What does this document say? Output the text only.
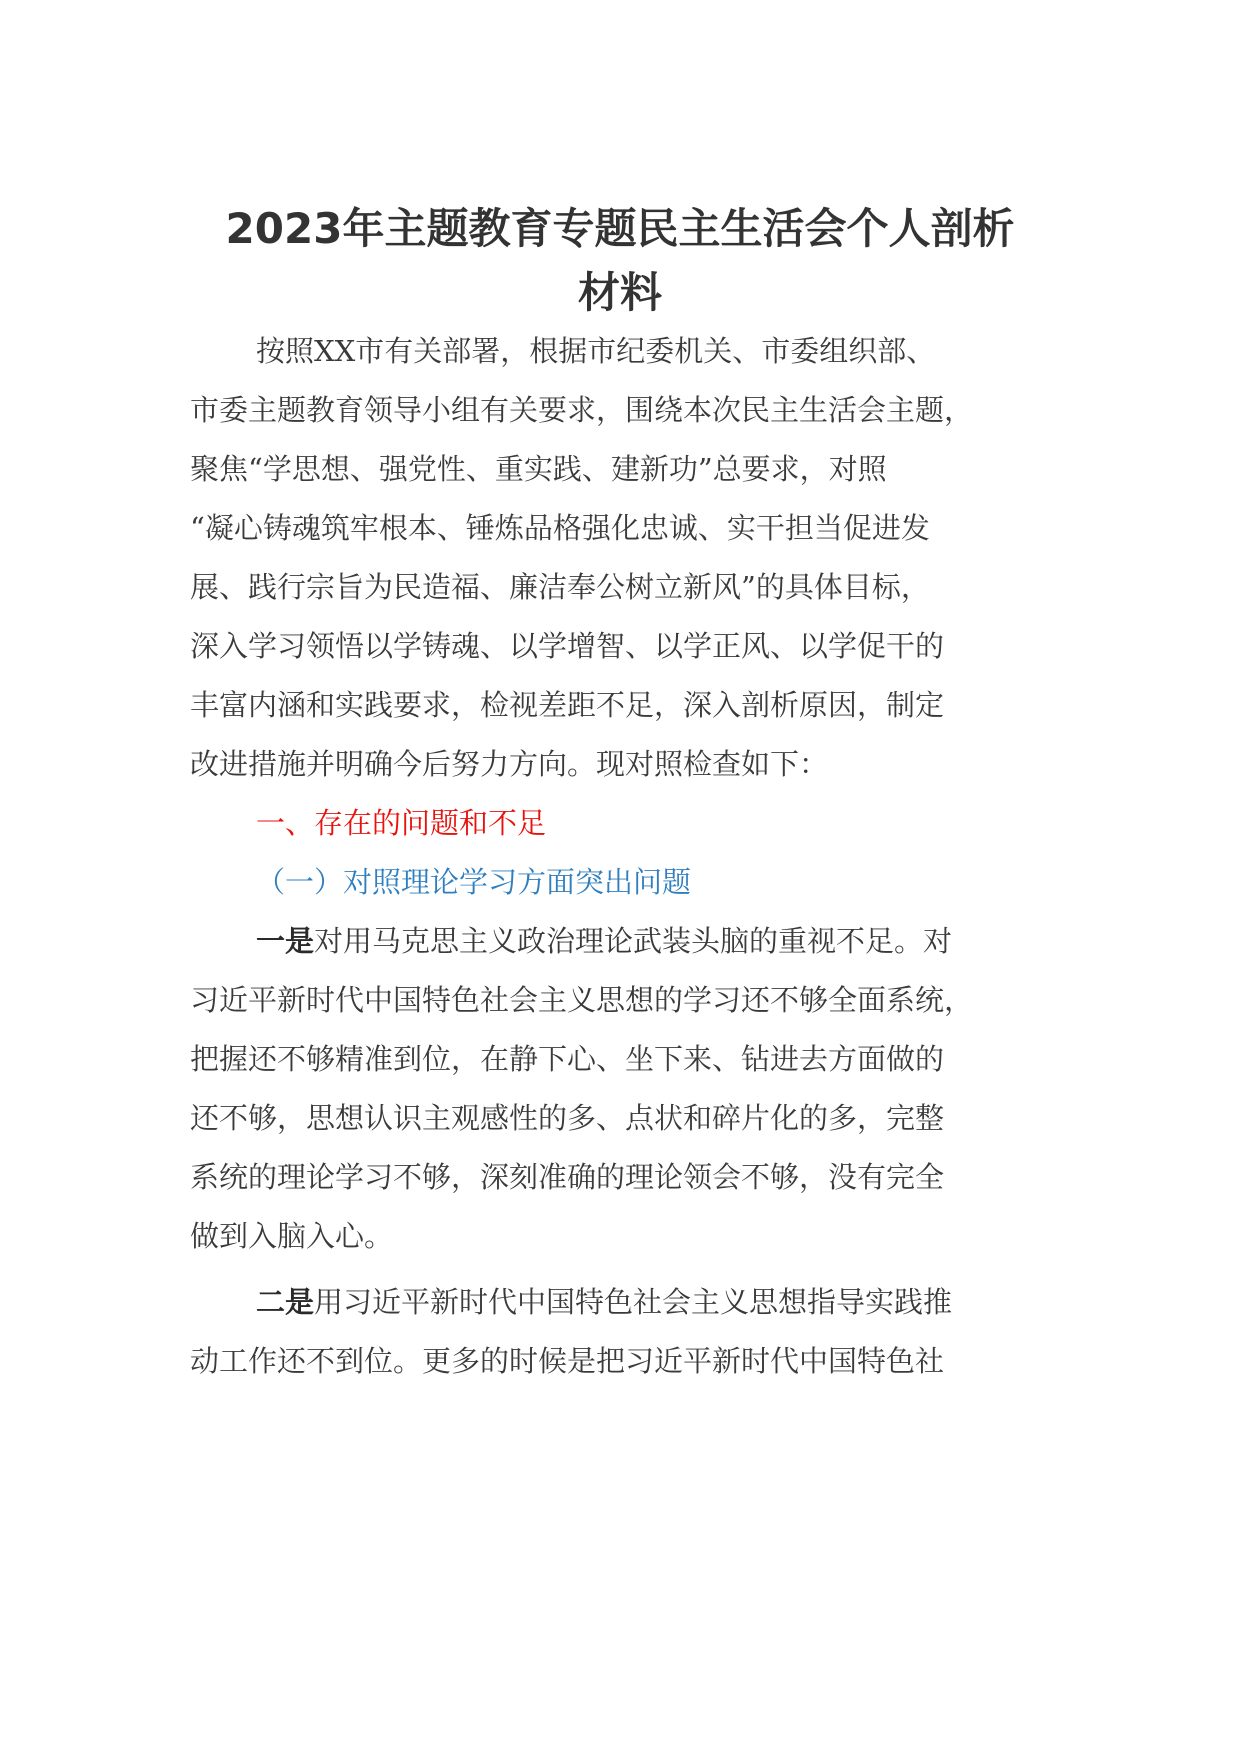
2023年主题教育专题民主生活会个人剖析
材料

按照XX市有关部署，根据市纪委机关、市委组织部、

市委主题教育领导小组有关要求，围绕本次民主生活会主题，

聚焦“学思想、强党性、重实践、建新功”总要求，对照

“凝心铸魂筑牢根本、锤炼品格强化忠诚、实干担当促进发

展、践行宗旨为民造福、廉洁奉公树立新风”的具体目标，

深入学习领悟以学铸魂、以学增智、以学正风、以学促干的

丰富内涵和实践要求，检视差距不足，深入剖析原因，制定

改进措施并明确今后努力方向。现对照检查如下：

一、存在的问题和不足

（一）对照理论学习方面突出问题

一是对用马克思主义政治理论武装头脑的重视不足。对

习近平新时代中国特色社会主义思想的学习还不够全面系统，

把握还不够精准到位，在静下心、坐下来、钻进去方面做的

还不够，思想认识主观感性的多、点状和碎片化的多，完整

系统的理论学习不够，深刻准确的理论领会不够，没有完全

做到入脑入心。

二是用习近平新时代中国特色社会主义思想指导实践推

动工作还不到位。更多的时候是把习近平新时代中国特色社
